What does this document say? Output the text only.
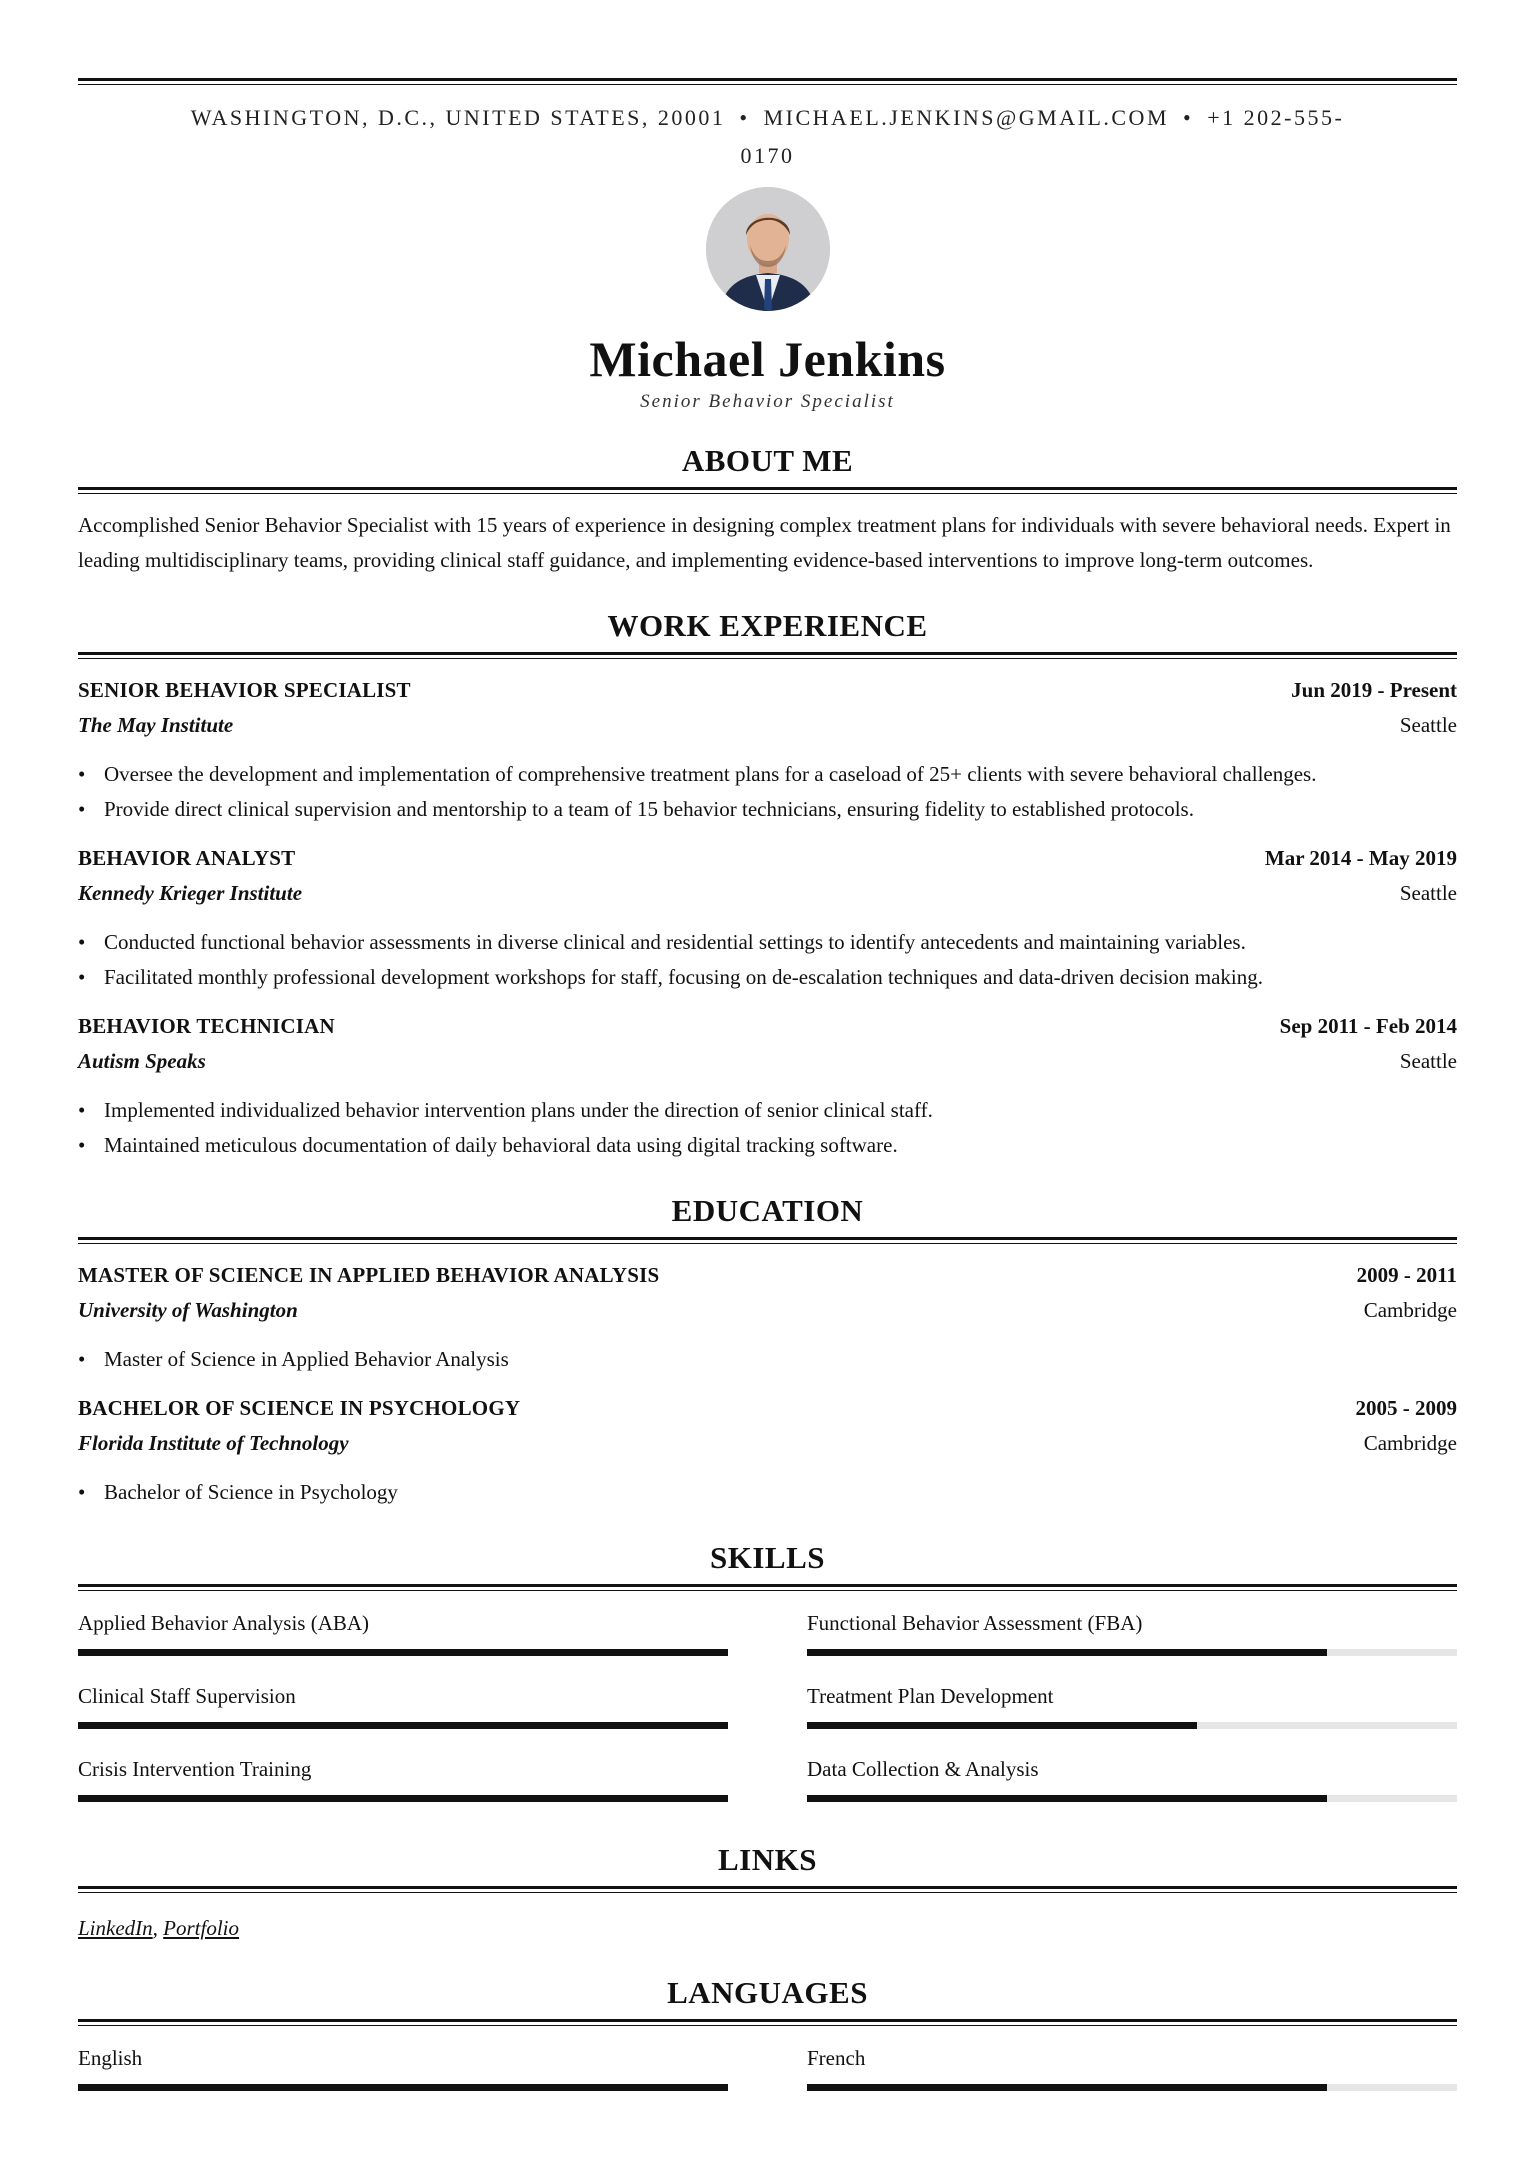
WASHINGTON, D.C., UNITED STATES, 20001 • MICHAEL.JENKINS@GMAIL.COM • +1 202-555-0170
Michael Jenkins
Senior Behavior Specialist
ABOUT ME
Accomplished Senior Behavior Specialist with 15 years of experience in designing complex treatment plans for individuals with severe behavioral needs. Expert in leading multidisciplinary teams, providing clinical staff guidance, and implementing evidence-based interventions to improve long-term outcomes.
WORK EXPERIENCE
SENIOR BEHAVIOR SPECIALIST	Jun 2019 - Present
The May Institute	Seattle
• Oversee the development and implementation of comprehensive treatment plans for a caseload of 25+ clients with severe behavioral challenges.
• Provide direct clinical supervision and mentorship to a team of 15 behavior technicians, ensuring fidelity to established protocols.
BEHAVIOR ANALYST	Mar 2014 - May 2019
Kennedy Krieger Institute	Seattle
• Conducted functional behavior assessments in diverse clinical and residential settings to identify antecedents and maintaining variables.
• Facilitated monthly professional development workshops for staff, focusing on de-escalation techniques and data-driven decision making.
BEHAVIOR TECHNICIAN	Sep 2011 - Feb 2014
Autism Speaks	Seattle
• Implemented individualized behavior intervention plans under the direction of senior clinical staff.
• Maintained meticulous documentation of daily behavioral data using digital tracking software.
EDUCATION
MASTER OF SCIENCE IN APPLIED BEHAVIOR ANALYSIS	2009 - 2011
University of Washington	Cambridge
• Master of Science in Applied Behavior Analysis
BACHELOR OF SCIENCE IN PSYCHOLOGY	2005 - 2009
Florida Institute of Technology	Cambridge
• Bachelor of Science in Psychology
SKILLS
Applied Behavior Analysis (ABA)	Functional Behavior Assessment (FBA)
Clinical Staff Supervision	Treatment Plan Development
Crisis Intervention Training	Data Collection & Analysis
LINKS
LinkedIn, Portfolio
LANGUAGES
English	French
